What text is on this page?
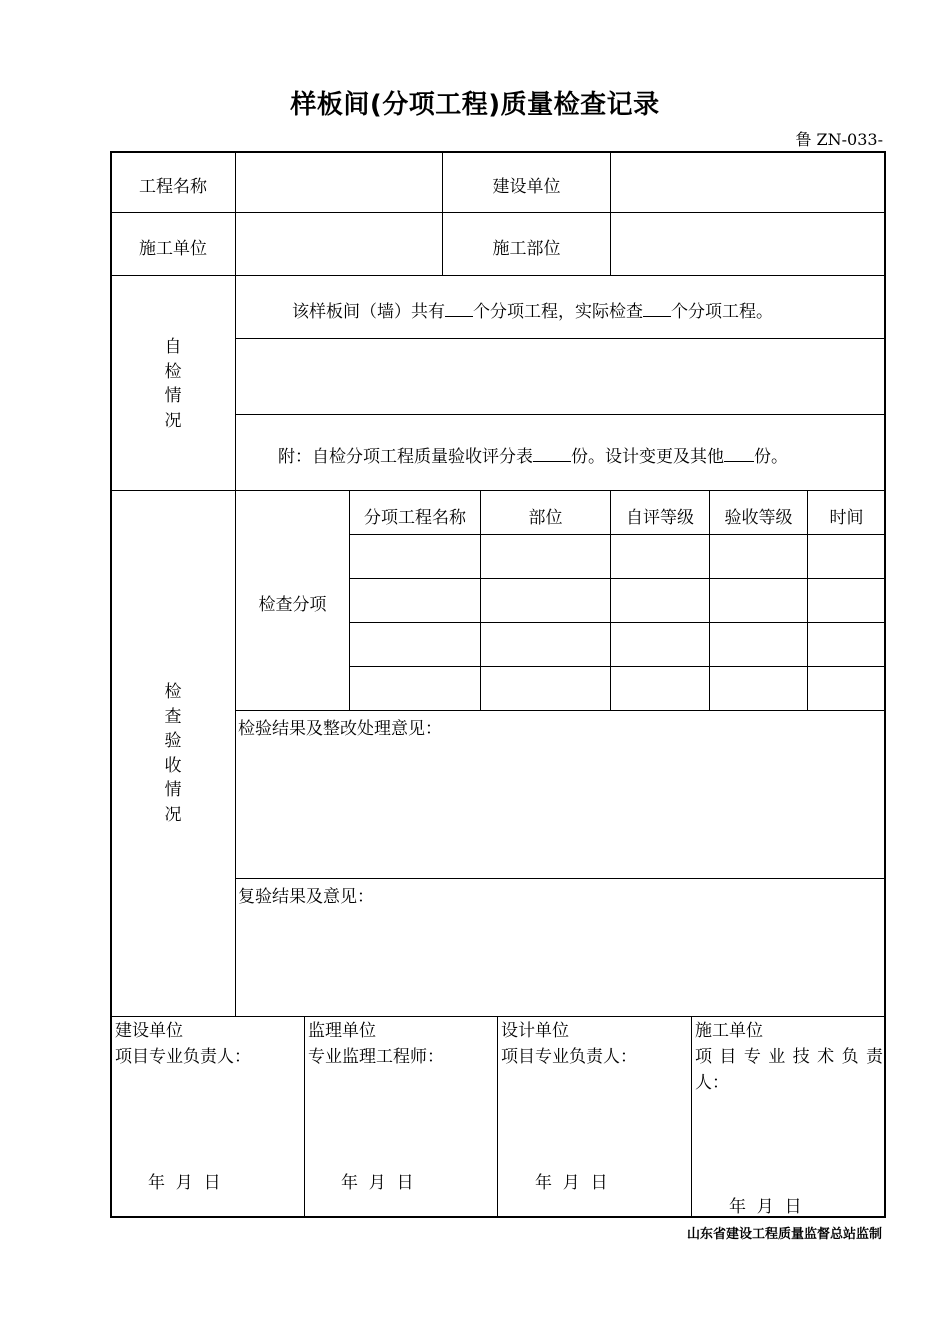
样板间(分项工程)质量检查记录
鲁 ZN-033-
工程名称	建设单位
施工单位	施工部位
自
检
情
况
该样板间（墙）共有 个分项工程，实际检查 个分项工程。
附：自检分项工程质量验收评分表 份。设计变更及其他 份。
检
查
验
收
情
况
检查分项
分项工程名称	部位	自评等级	验收等级	时间
检验结果及整改处理意见：
复验结果及意见：
建设单位
项目专业负责人：
监理单位
专业监理工程师：
设计单位
项目专业负责人：
施工单位
项 目 专 业 技 术 负 责 人：
年  月  日	年  月  日	年  月  日
年  月  日
山东省建设工程质量监督总站监制
